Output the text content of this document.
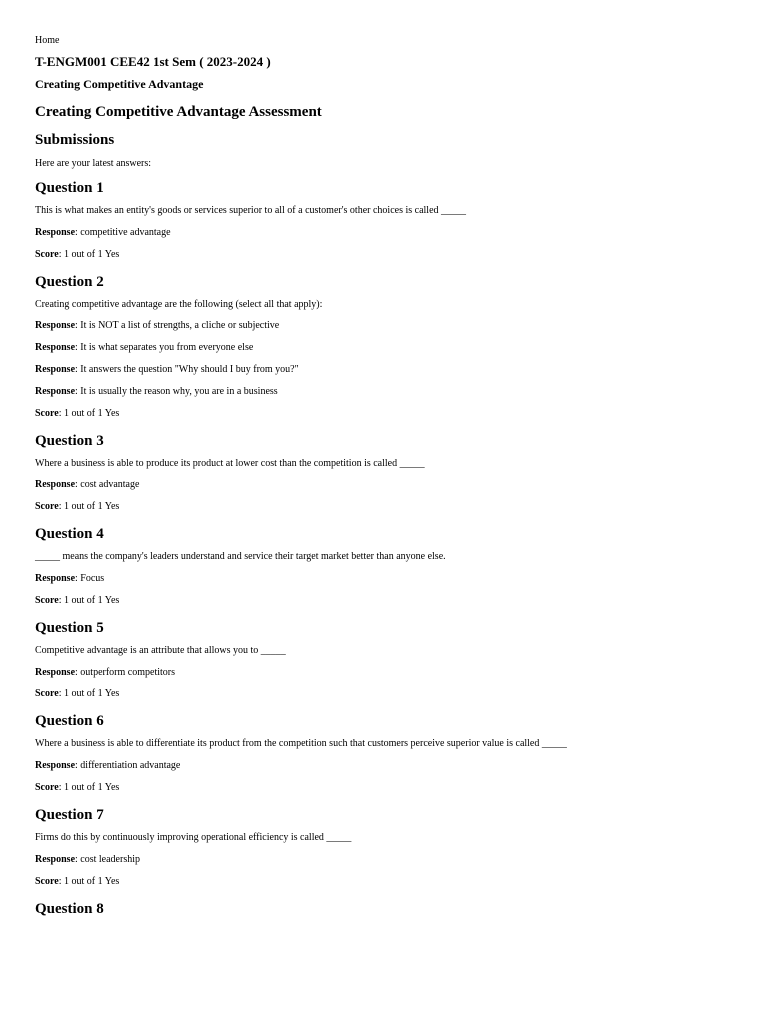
Home
T-ENGM001 CEE42 1st Sem ( 2023-2024 )
Creating Competitive Advantage
Creating Competitive Advantage Assessment
Submissions
Here are your latest answers:
Question 1
This is what makes an entity's goods or services superior to all of a customer's other choices is called _____
Response: competitive advantage
Score: 1 out of 1 Yes
Question 2
Creating competitive advantage are the following (select all that apply):
Response: It is NOT a list of strengths, a cliche or subjective
Response: It is what separates you from everyone else
Response: It answers the question "Why should I buy from you?"
Response: It is usually the reason why, you are in a business
Score: 1 out of 1 Yes
Question 3
Where a business is able to produce its product at lower cost than the competition is called _____
Response: cost advantage
Score: 1 out of 1 Yes
Question 4
_____ means the company's leaders understand and service their target market better than anyone else.
Response: Focus
Score: 1 out of 1 Yes
Question 5
Competitive advantage is an attribute that allows you to _____
Response: outperform competitors
Score: 1 out of 1 Yes
Question 6
Where a business is able to differentiate its product from the competition such that customers perceive superior value is called _____
Response: differentiation advantage
Score: 1 out of 1 Yes
Question 7
Firms do this by continuously improving operational efficiency is called _____
Response: cost leadership
Score: 1 out of 1 Yes
Question 8
